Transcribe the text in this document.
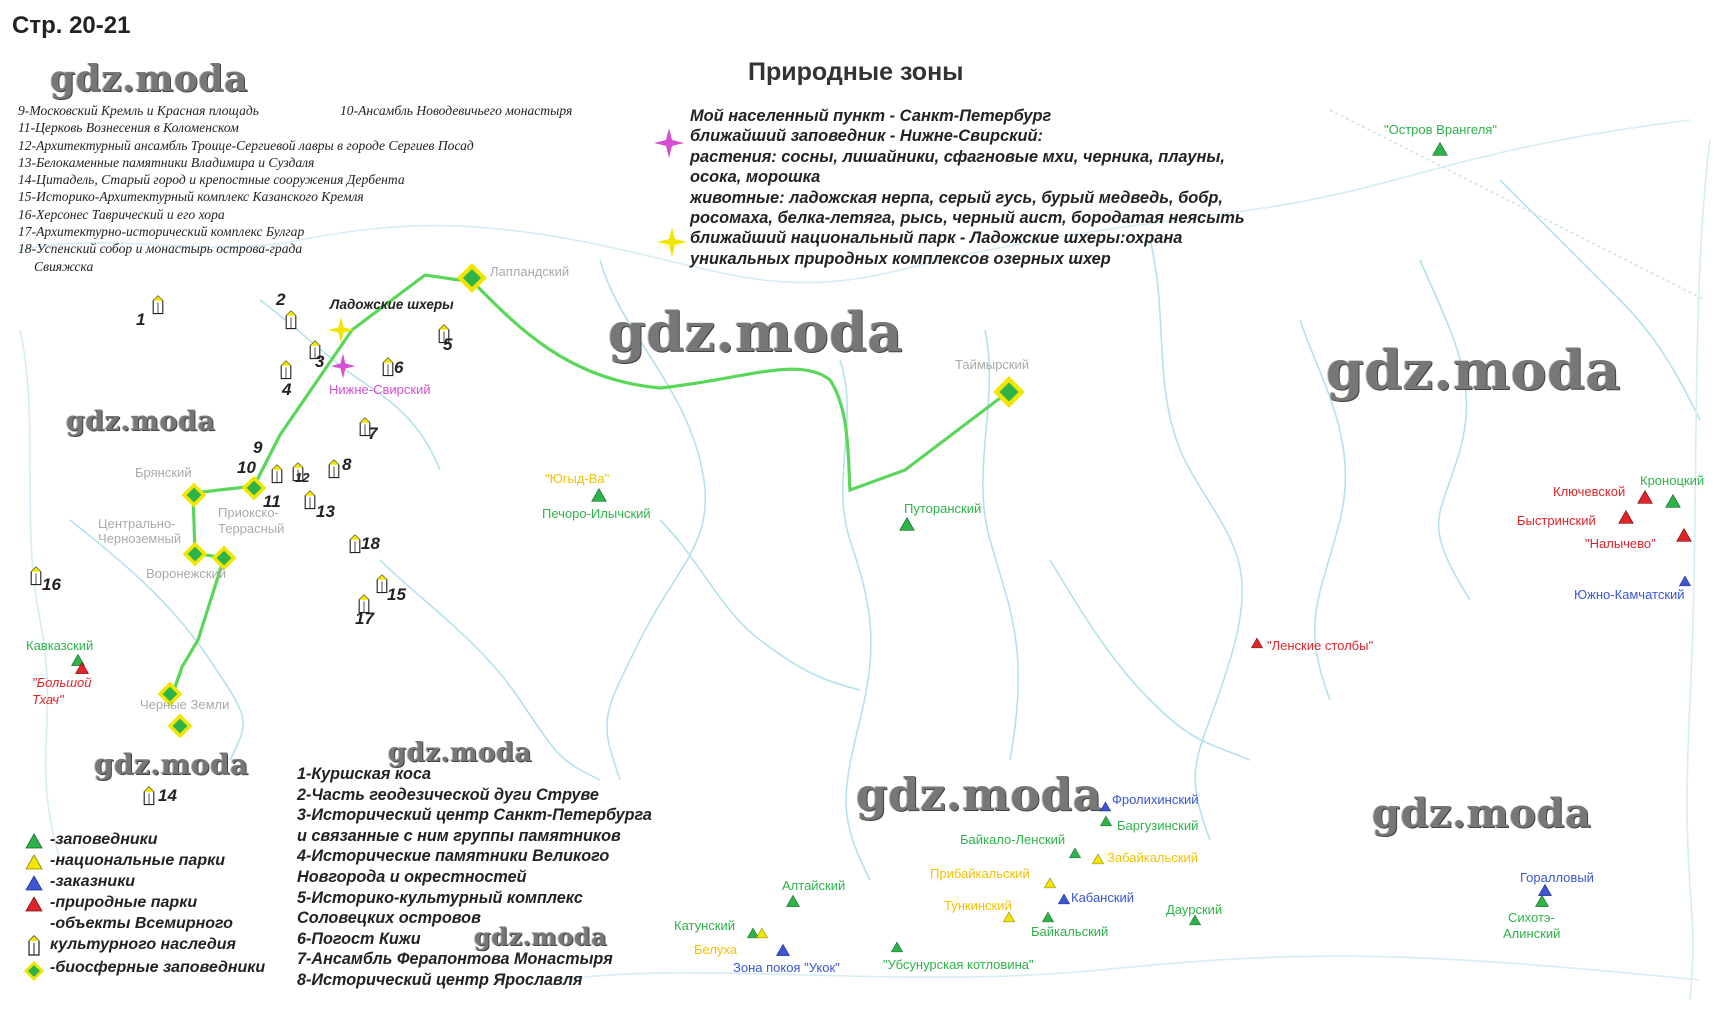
Стр. 20-21
Природные зоны
gdz.moda
gdz.moda
gdz.moda	gdz.moda
gdz.moda
gdz.moda
gdz.moda
gdz.moda	gdz.moda
9-Московский Кремль и Красная площадь
11-Церковь Вознесения в Коломенском
12-Архитектурный ансамбль Троице-Сергиевой лавры в городе Сергиев Посад
13-Белокаменные памятники Владимира и Суздаля
14-Цитадель, Старый город и крепостные сооружения Дербента
15-Историко-Архитектурный комплекс Казанского Кремля
16-Херсонес Таврический и его хора
17-Архитектурно-исторический комплекс Булгар
18-Успенский собор и монастырь острова-града
Свияжска
10-Ансамбль Новодевичьего монастыря	Мой населенный пункт - Санкт-Петербург
ближайший заповедник - Нижне-Свирский:
растения: сосны, лишайники, сфагновые мхи, черника, плауны,
осока, морошка
животные: ладожская нерпа, серый гусь, бурый медведь, бобр,
росомаха, белка-летяга, рысь, черный аист, бородатая неясыть
ближайший национальный парк - Ладожские шхеры:охрана
уникальных природных комплексов озерных шхер
1-Куршская коса
2-Часть геодезической дуги Струве
3-Исторический центр Санкт-Петербурга
и связанные с ним группы памятников
4-Исторические памятники Великого
Новгорода и окрестностей
5-Историко-культурный комплекс
Соловецких островов
6-Погост Кижи
7-Ансамбль Ферапонтова Монастыря
8-Исторический центр Ярославля
-заповедники
-национальные парки
-заказники
-природные парки
-объекты Всемирного
культурного наследия
-биосферные заповедники
1
2
3
4
5
6
7
8
9
10
11
12
13
14
15
16
17
18
Лапландский
Таймырский
Брянский
Центрально-
Черноземный
Приокско-
Террасный
Воронежский
Черные Земли
Ладожские шхеры
Нижне-Свирский
Кавказский
"Большой
Тхач"
"Югыд-Ва"
Печоро-Илычский	Путоранский
"Остров Врангеля"
Ключевской
Кроноцкий
Быстринский
"Налычево"
Южно-Камчатский
"Ленские столбы"
Фролихинский
Баргузинский
Байкало-Ленский
Забайкальский
Прибайкальский
Тункинский
Кабанский
Байкальский
Даурский
Алтайский
Катунский
Белуха
Зона покоя "Укок"	"Убсунурская котловина"
Горалловый
Сихотэ-
Алинский
